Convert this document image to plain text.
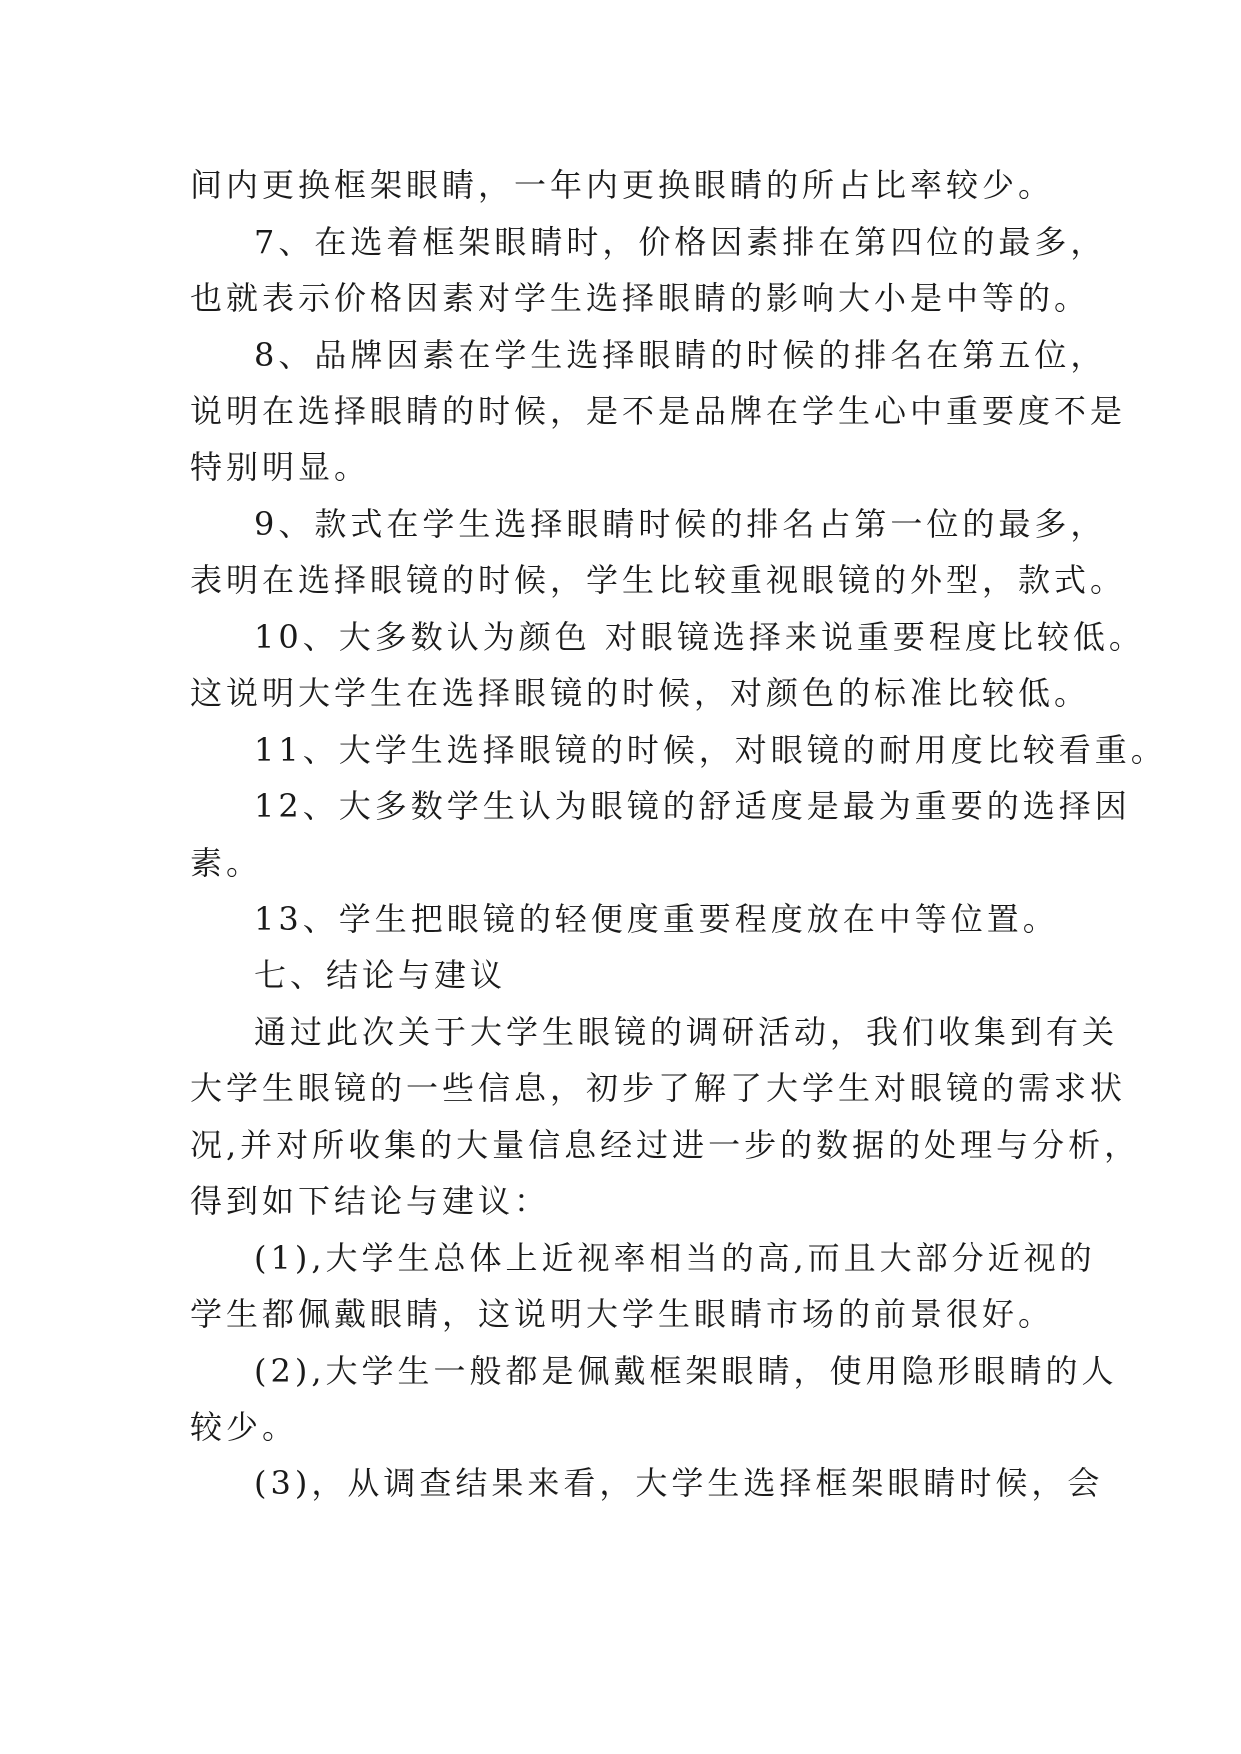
间内更换框架眼睛，一年内更换眼睛的所占比率较少。
7、在选着框架眼睛时，价格因素排在第四位的最多，
也就表示价格因素对学生选择眼睛的影响大小是中等的。
8、品牌因素在学生选择眼睛的时候的排名在第五位，
说明在选择眼睛的时候，是不是品牌在学生心中重要度不是
特别明显。
9、款式在学生选择眼睛时候的排名占第一位的最多，
表明在选择眼镜的时候，学生比较重视眼镜的外型，款式。
10、大多数认为颜色 对眼镜选择来说重要程度比较低。
这说明大学生在选择眼镜的时候，对颜色的标准比较低。
11、大学生选择眼镜的时候，对眼镜的耐用度比较看重。
12、大多数学生认为眼镜的舒适度是最为重要的选择因
素。
13、学生把眼镜的轻便度重要程度放在中等位置。
七、结论与建议
通过此次关于大学生眼镜的调研活动，我们收集到有关
大学生眼镜的一些信息，初步了解了大学生对眼镜的需求状
况,并对所收集的大量信息经过进一步的数据的处理与分析，
得到如下结论与建议：
(1),大学生总体上近视率相当的高,而且大部分近视的
学生都佩戴眼睛，这说明大学生眼睛市场的前景很好。
(2),大学生一般都是佩戴框架眼睛，使用隐形眼睛的人
较少。
(3)，从调查结果来看，大学生选择框架眼睛时候，会
